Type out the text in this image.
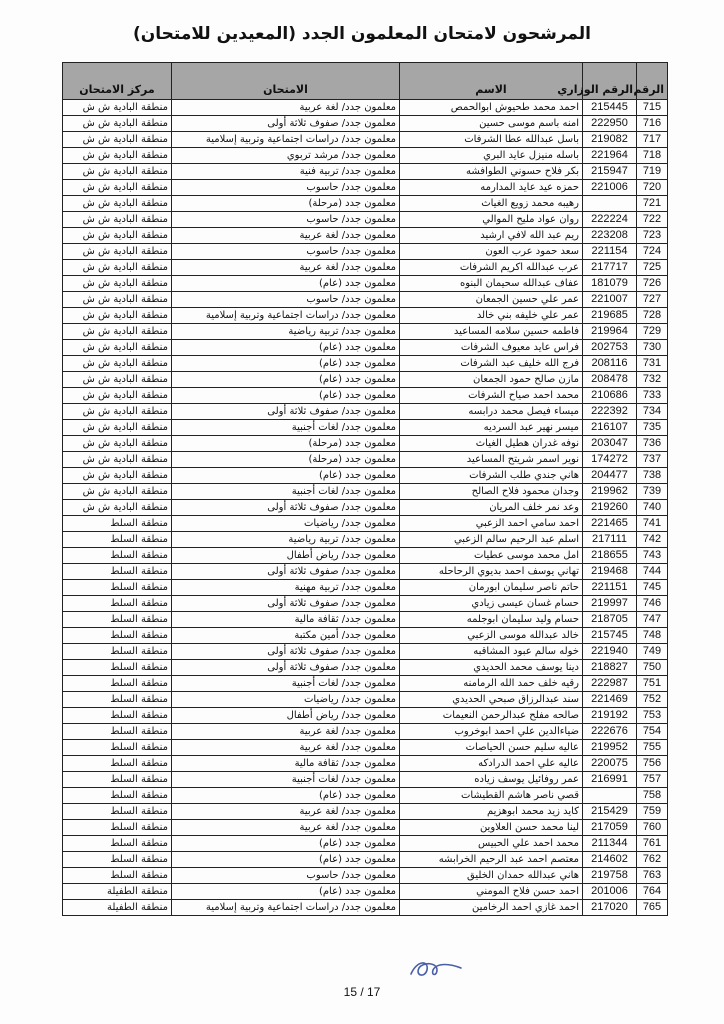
المرشحون لامتحان المعلمون الجدد (المعيدين للامتحان)
الرقم	الرقم الوزاري	الاسم	الامتحان	مركز الامتحان
715	215445	احمد محمد طحيوش ابوالحمص	معلمون جدد/ لغة عربية	منطقة البادية ش ش
716	222950	امنه باسم موسى حسين	معلمون جدد/ صفوف ثلاثة أولى	منطقة البادية ش ش
717	219082	باسل عبدالله عطا الشرفات	معلمون جدد/ دراسات اجتماعية وتربية إسلامية	منطقة البادية ش ش
718	221964	باسله منيزل عايد البري	معلمون جدد/ مرشد تربوي	منطقة البادية ش ش
719	215947	بكر فلاح حسوني الطوافشه	معلمون جدد/ تربية فنية	منطقة البادية ش ش
720	221006	حمزه عيد عايد المدارمه	معلمون جدد/ حاسوب	منطقة البادية ش ش
721		رهيبه محمد زويع الغياث	معلمون جدد (مرحلة)	منطقة البادية ش ش
722	222224	روان عواد مليح الموالي	معلمون جدد/ حاسوب	منطقة البادية ش ش
723	223208	ريم عبد الله لافي ارشيد	معلمون جدد/ لغة عربية	منطقة البادية ش ش
724	221154	سعد حمود عرب العون	معلمون جدد/ حاسوب	منطقة البادية ش ش
725	217717	عرب عبدالله اكريم الشرفات	معلمون جدد/ لغة عربية	منطقة البادية ش ش
726	181079	عفاف عبدالله سحيمان البنوه	معلمون جدد (عام)	منطقة البادية ش ش
727	221007	عمر علي حسين الجمعان	معلمون جدد/ حاسوب	منطقة البادية ش ش
728	219685	عمر علي خليفه بني خالد	معلمون جدد/ دراسات اجتماعية وتربية إسلامية	منطقة البادية ش ش
729	219964	فاطمه حسين سلامه المساعيد	معلمون جدد/ تربية رياضية	منطقة البادية ش ش
730	202753	فراس عايد معيوف الشرفات	معلمون جدد (عام)	منطقة البادية ش ش
731	208116	فرج الله خليف عبد الشرفات	معلمون جدد (عام)	منطقة البادية ش ش
732	208478	مازن صالح حمود الجمعان	معلمون جدد (عام)	منطقة البادية ش ش
733	210686	محمد احمد صياح الشرفات	معلمون جدد (عام)	منطقة البادية ش ش
734	222392	ميساء فيصل محمد درابسه	معلمون جدد/ صفوف ثلاثة أولى	منطقة البادية ش ش
735	216107	ميسر نهير عبد السرديه	معلمون جدد/ لغات أجنبية	منطقة البادية ش ش
736	203047	نوفه غدران هطيل الغياث	معلمون جدد (مرحلة)	منطقة البادية ش ش
737	174272	نوير اسمر شريتح المساعيد	معلمون جدد (مرحلة)	منطقة البادية ش ش
738	204477	هاني جندي طلب الشرفات	معلمون جدد (عام)	منطقة البادية ش ش
739	219962	وجدان محمود فلاح الصالح	معلمون جدد/ لغات أجنبية	منطقة البادية ش ش
740	219260	وعد نمر خلف المريان	معلمون جدد/ صفوف ثلاثة أولى	منطقة البادية ش ش
741	221465	احمد سامي احمد الزعبي	معلمون جدد/ رياضيات	منطقة السلط
742	217111	اسلم عبد الرحيم سالم الزعبي	معلمون جدد/ تربية رياضية	منطقة السلط
743	218655	امل محمد موسى عطيات	معلمون جدد/ رياض أطفال	منطقة السلط
744	219468	تهاني يوسف احمد بديوي الرحاحله	معلمون جدد/ صفوف ثلاثة أولى	منطقة السلط
745	221151	حاتم ناصر سليمان ابورمان	معلمون جدد/ تربية مهنية	منطقة السلط
746	219997	حسام غسان عيسى زيادي	معلمون جدد/ صفوف ثلاثة أولى	منطقة السلط
747	218705	حسام وليد سليمان ابوجلمه	معلمون جدد/ ثقافة مالية	منطقة السلط
748	215745	خالد عبدالله موسى الزعبي	معلمون جدد/ أمين مكتبة	منطقة السلط
749	221940	خوله سالم عبود المشاقبه	معلمون جدد/ صفوف ثلاثة أولى	منطقة السلط
750	218827	دينا يوسف محمد الحديدي	معلمون جدد/ صفوف ثلاثة أولى	منطقة السلط
751	222987	رقيه خلف حمد الله الرمامنه	معلمون جدد/ لغات أجنبية	منطقة السلط
752	221469	سند عبدالرزاق صبحي الحديدي	معلمون جدد/ رياضيات	منطقة السلط
753	219192	صالحه مفلح عبدالرحمن النعيمات	معلمون جدد/ رياض أطفال	منطقة السلط
754	222676	ضياءالدين علي احمد ابوخروب	معلمون جدد/ لغة عربية	منطقة السلط
755	219952	عاليه سليم حسن الحياصات	معلمون جدد/ لغة عربية	منطقة السلط
756	220075	عاليه علي احمد الدرادكه	معلمون جدد/ ثقافة مالية	منطقة السلط
757	216991	عمر روفائيل يوسف زياده	معلمون جدد/ لغات أجنبية	منطقة السلط
758		قصي ناصر هاشم القطيشات	معلمون جدد (عام)	منطقة السلط
759	215429	كايد زيد محمد ابوهزيم	معلمون جدد/ لغة عربية	منطقة السلط
760	217059	لينا محمد حسن العلاوين	معلمون جدد/ لغة عربية	منطقة السلط
761	211344	محمد احمد علي الحبيس	معلمون جدد (عام)	منطقة السلط
762	214602	معتصم احمد عبد الرحيم الخرابشه	معلمون جدد (عام)	منطقة السلط
763	219758	هاني عبدالله حمدان الخليق	معلمون جدد/ حاسوب	منطقة السلط
764	201006	احمد حسن فلاح المومني	معلمون جدد (عام)	منطقة الطفيلة
765	217020	احمد غازي احمد الرخامين	معلمون جدد/ دراسات اجتماعية وتربية إسلامية	منطقة الطفيلة
15 / 17
